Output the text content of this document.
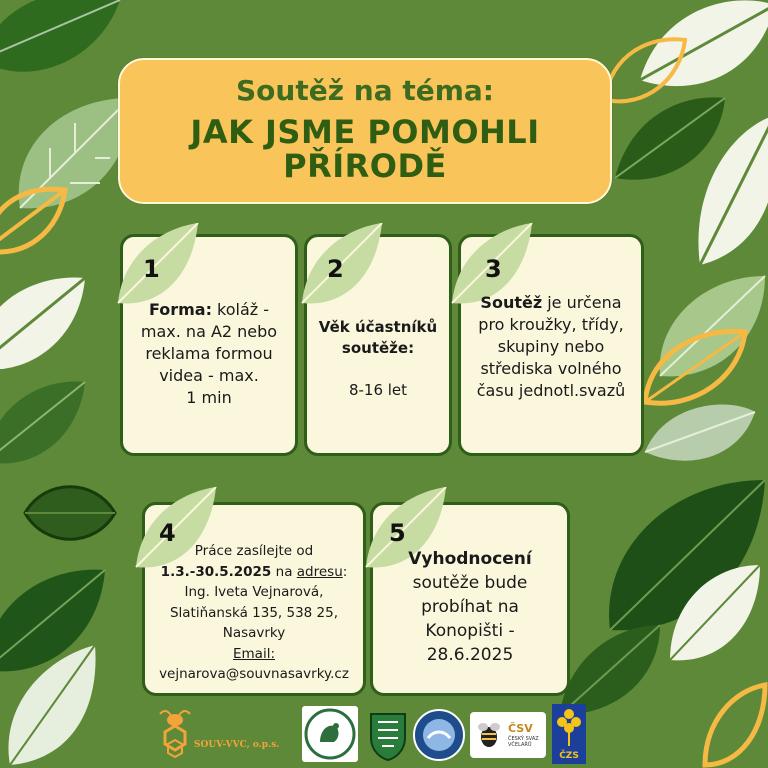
Soutěž na téma:
JAK JSME POMOHLI
PŘÍRODĚ
1
Forma: koláž -
max. na A2 nebo
reklama formou
videa - max.
1 min
2
Věk účastníků
soutěže:
8-16 let
3
Soutěž je určena
pro kroužky, třídy,
skupiny nebo
střediska volného
času jednotl.svazů
4
Práce zasílejte od
1.3.-30.5.2025 na adresu:
Ing. Iveta Vejnarová,
Slatiňanská 135, 538 25,
Nasavrky
Email:
vejnarova@souvnasavrky.cz
5
Vyhodnocení
soutěže bude
probíhat na
Konopišti -
28.6.2025
SOUV-VVC, o.p.s.
ČSV
ČESKÝ SVAZ
VČELAŘŮ
ČZS
